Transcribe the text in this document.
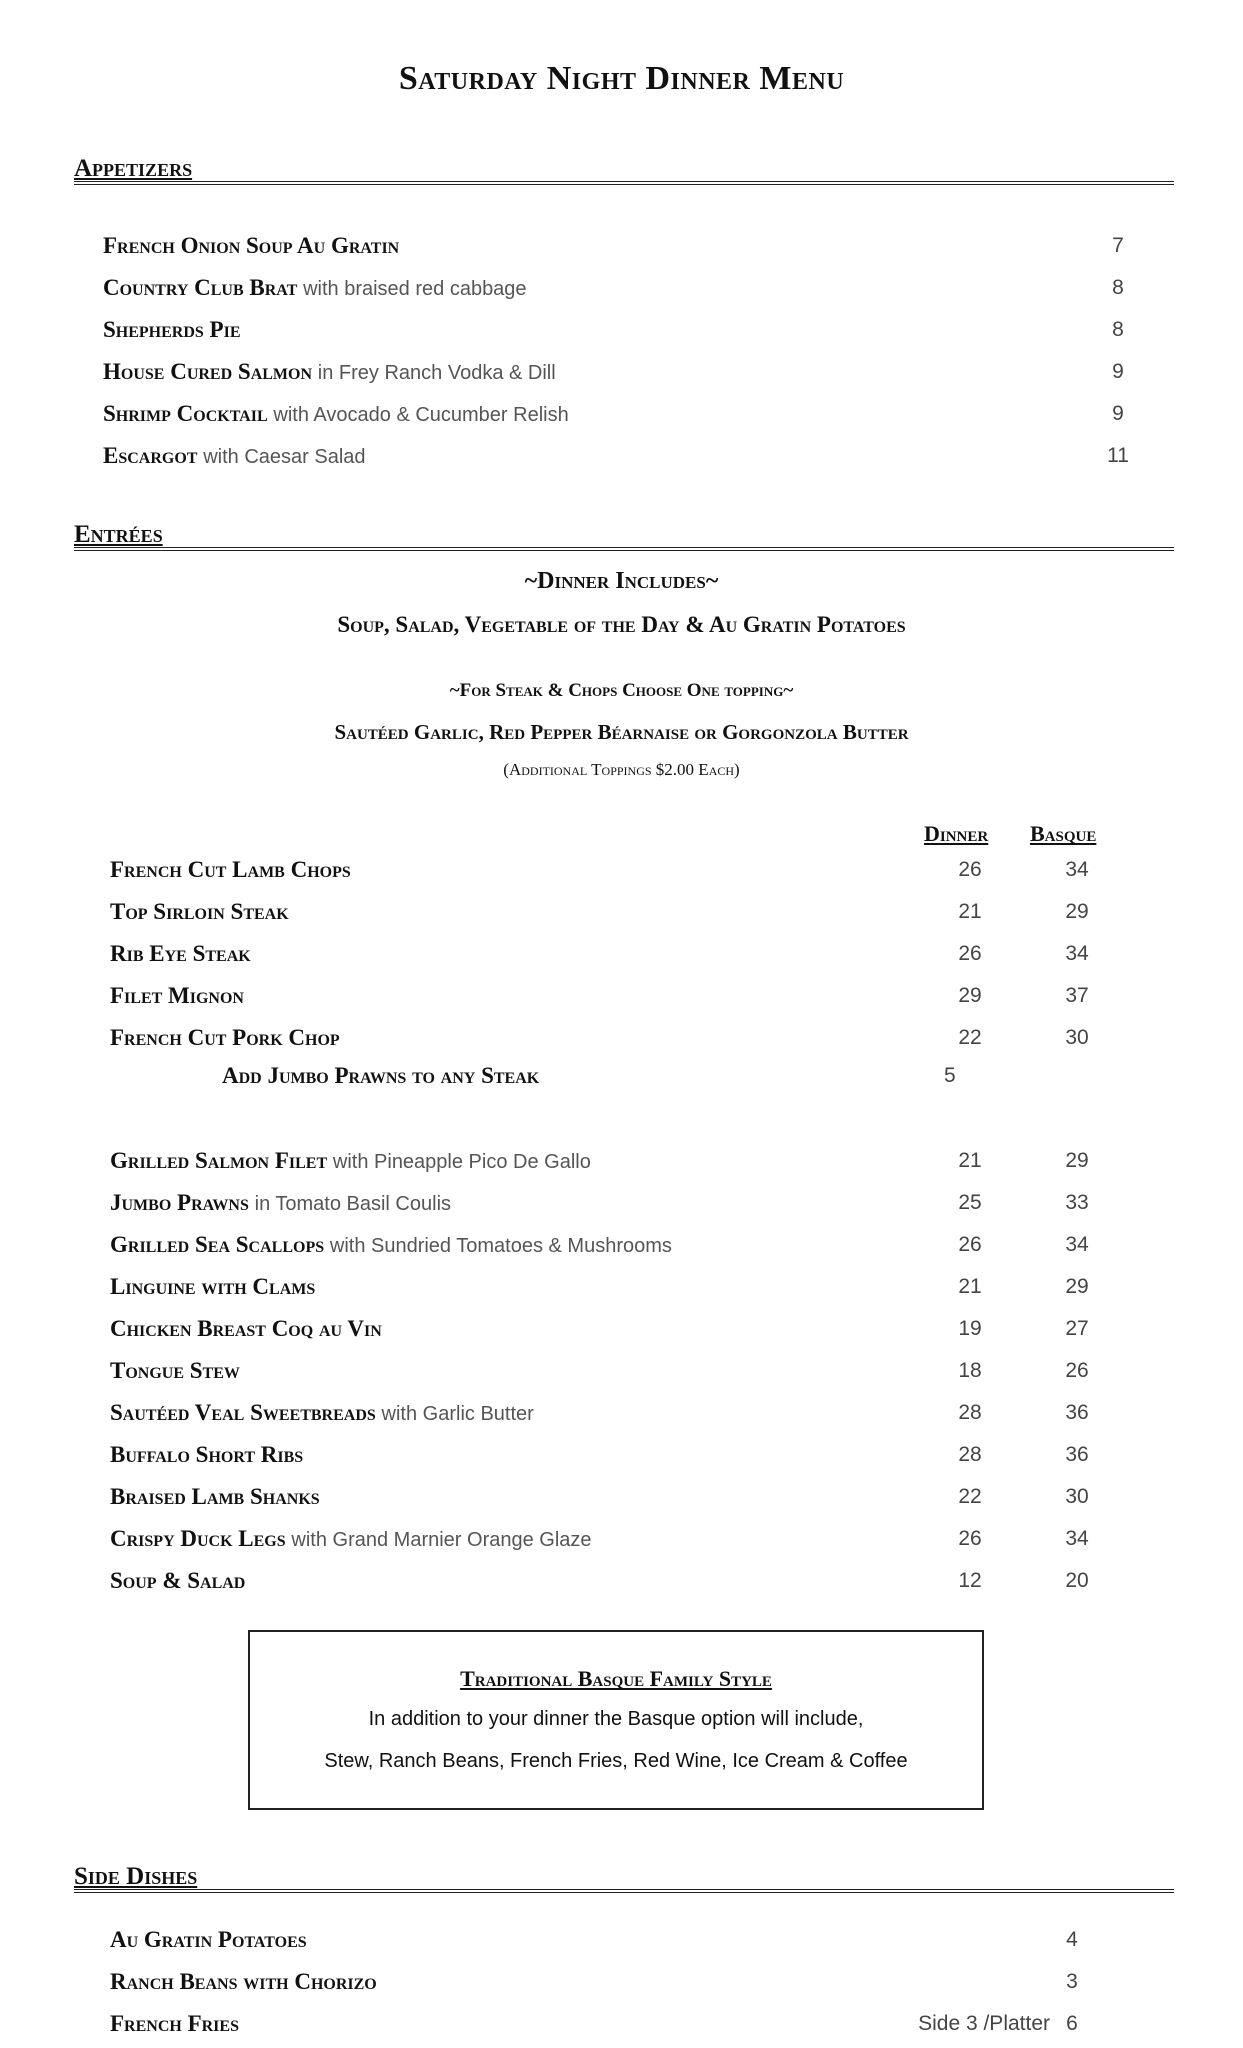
Saturday Night Dinner Menu
Appetizers
French Onion Soup Au Gratin	7
Country Club Brat with braised red cabbage	8
Shepherds Pie	8
House Cured Salmon in Frey Ranch Vodka & Dill	9
Shrimp Cocktail with Avocado & Cucumber Relish	9
Escargot with Caesar Salad	11
Entrées
~Dinner Includes~
Soup, Salad, Vegetable of the Day & Au Gratin Potatoes
~For Steak & Chops Choose One topping~
Sautéed Garlic, Red Pepper Béarnaise or Gorgonzola Butter
(Additional Toppings $2.00 Each)
Dinner Basque
French Cut Lamb Chops	26	34
Top Sirloin Steak	21	29
Rib Eye Steak	26	34
Filet Mignon	29	37
French Cut Pork Chop	22	30
Add Jumbo Prawns to any Steak	5
Grilled Salmon Filet with Pineapple Pico De Gallo	21	29
Jumbo Prawns in Tomato Basil Coulis	25	33
Grilled Sea Scallops with Sundried Tomatoes & Mushrooms	26	34
Linguine with Clams	21	29
Chicken Breast Coq au Vin	19	27
Tongue Stew	18	26
Sautéed Veal Sweetbreads with Garlic Butter	28	36
Buffalo Short Ribs	28	36
Braised Lamb Shanks	22	30
Crispy Duck Legs with Grand Marnier Orange Glaze	26	34
Soup & Salad	12	20
Traditional Basque Family Style
In addition to your dinner the Basque option will include,
Stew, Ranch Beans, French Fries, Red Wine, Ice Cream & Coffee
Side Dishes
Au Gratin Potatoes	4
Ranch Beans with Chorizo	3
French Fries	Side 3 /Platter 6
